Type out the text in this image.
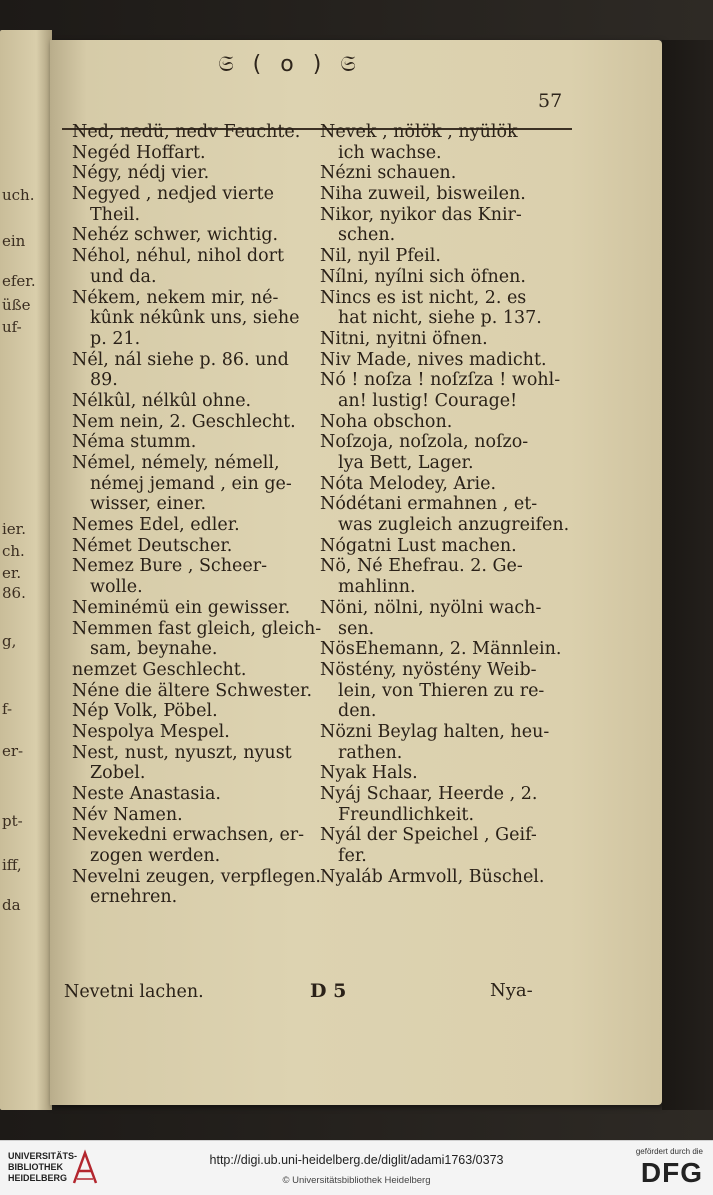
uch.
ein
efer.
üße
uf-
ier.
ch.
er.
86.
g,
f-
er-
pt-
iff,
da
𝔖 ( o ) 𝔖
57
Ned, nedü, nedv Feuchte.
Negéd Hoffart.
Négy, nédj vier.
Negyed , nedjed vierte
Theil.
Nehéz schwer, wichtig.
Néhol, néhul, nihol dort
und da.
Nékem, nekem mir, né-
kûnk nékûnk uns, siehe
p. 21.
Nél, nál siehe p. 86. und
89.
Nélkûl, nélkûl ohne.
Nem nein, 2. Geschlecht.
Néma stumm.
Némel, némely, némell,
némej jemand , ein ge-
wisser, einer.
Nemes Edel, edler.
Német Deutscher.
Nemez Bure , Scheer-
wolle.
Neminémü ein gewisser.
Nemmen fast gleich, gleich-
sam, beynahe.
nemzet Geschlecht.
Néne die ältere Schwester.
Nép Volk, Pöbel.
Nespolya Mespel.
Nest, nust, nyuszt, nyust
Zobel.
Neste Anastasia.
Név Namen.
Nevekedni erwachsen, er-
zogen werden.
Nevelni zeugen, verpflegen.
ernehren.
Nevek , nölök , nyülök
ich wachse.
Nézni schauen.
Niha zuweil, bisweilen.
Nikor, nyikor das Knir-
schen.
Nil, nyil Pfeil.
Nílni, nyílni sich öfnen.
Nincs es ist nicht, 2. es
hat nicht, siehe p. 137.
Nitni, nyitni öfnen.
Niv Made, nives madicht.
Nó ! noſza ! noſzſza ! wohl-
an! lustig! Courage!
Noha obschon.
Noſzoja, noſzola, noſzo-
lya Bett, Lager.
Nóta Melodey, Arie.
Nódétani ermahnen , et-
was zugleich anzugreifen.
Nógatni Lust machen.
Nö, Né Ehefrau. 2. Ge-
mahlinn.
Nöni, nölni, nyölni wach-
sen.
NösEhemann, 2. Männlein.
Nöstény, nyöstény Weib-
lein, von Thieren zu re-
den.
Nözni Beylag halten, heu-
rathen.
Nyak Hals.
Nyáj Schaar, Heerde , 2.
Freundlichkeit.
Nyál der Speichel , Geif-
fer.
Nyaláb Armvoll, Büschel.
Nevetni lachen.	D 5	Nya-
UNIVERSITÄTS-
BIBLIOTHEK
HEIDELBERG
http://digi.ub.uni-heidelberg.de/diglit/adami1763/0373
© Universitätsbibliothek Heidelberg
gefördert durch die
DFG
